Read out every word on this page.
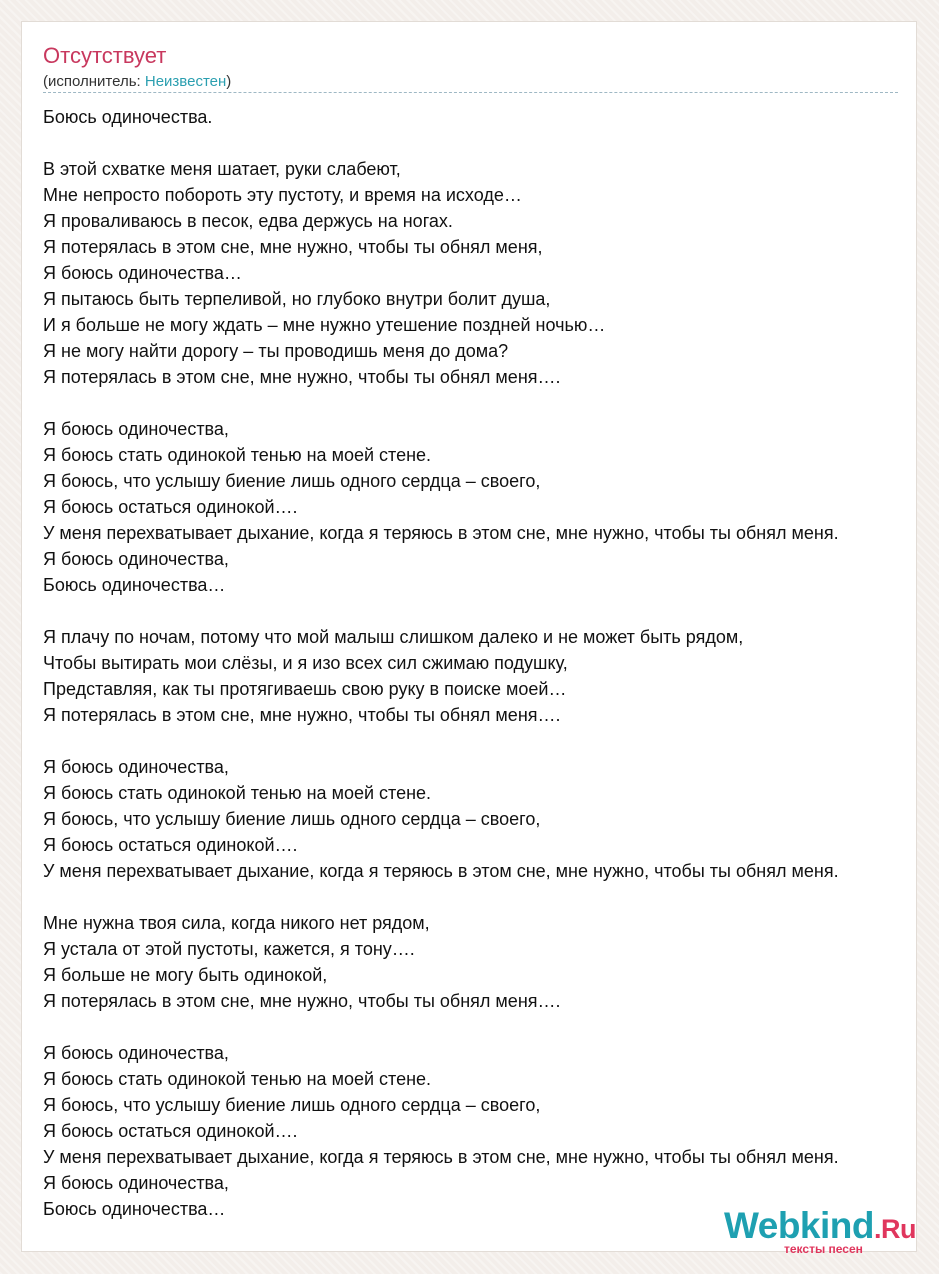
Отсутствует
(исполнитель: Неизвестен)
Боюсь одиночества.

В этой схватке меня шатает, руки слабеют,
Мне непросто побороть эту пустоту, и время на исходе…
Я проваливаюсь в песок, едва держусь на ногах.
Я потерялась в этом сне, мне нужно, чтобы ты обнял меня,
Я боюсь одиночества…
Я пытаюсь быть терпеливой, но глубоко внутри болит душа,
И я больше не могу ждать – мне нужно утешение поздней ночью…
Я не могу найти дорогу – ты проводишь меня до дома?
Я потерялась в этом сне, мне нужно, чтобы ты обнял меня….

Я боюсь одиночества,
Я боюсь стать одинокой тенью на моей стене.
Я боюсь, что услышу биение лишь одного сердца – своего,
Я боюсь остаться одинокой….
У меня перехватывает дыхание, когда я теряюсь в этом сне, мне нужно, чтобы ты обнял меня.
Я боюсь одиночества,
Боюсь одиночества…

Я плачу по ночам, потому что мой малыш слишком далеко и не может быть рядом,
Чтобы вытирать мои слёзы, и я изо всех сил сжимаю подушку,
Представляя, как ты протягиваешь свою руку в поиске моей…
Я потерялась в этом сне, мне нужно, чтобы ты обнял меня….

Я боюсь одиночества,
Я боюсь стать одинокой тенью на моей стене.
Я боюсь, что услышу биение лишь одного сердца – своего,
Я боюсь остаться одинокой….
У меня перехватывает дыхание, когда я теряюсь в этом сне, мне нужно, чтобы ты обнял меня.

Мне нужна твоя сила, когда никого нет рядом,
Я устала от этой пустоты, кажется, я тону….
Я больше не могу быть одинокой,
Я потерялась в этом сне, мне нужно, чтобы ты обнял меня….

Я боюсь одиночества,
Я боюсь стать одинокой тенью на моей стене.
Я боюсь, что услышу биение лишь одного сердца – своего,
Я боюсь остаться одинокой….
У меня перехватывает дыхание, когда я теряюсь в этом сне, мне нужно, чтобы ты обнял меня.
Я боюсь одиночества,
Боюсь одиночества…	Webkind.Ru
тексты песен
